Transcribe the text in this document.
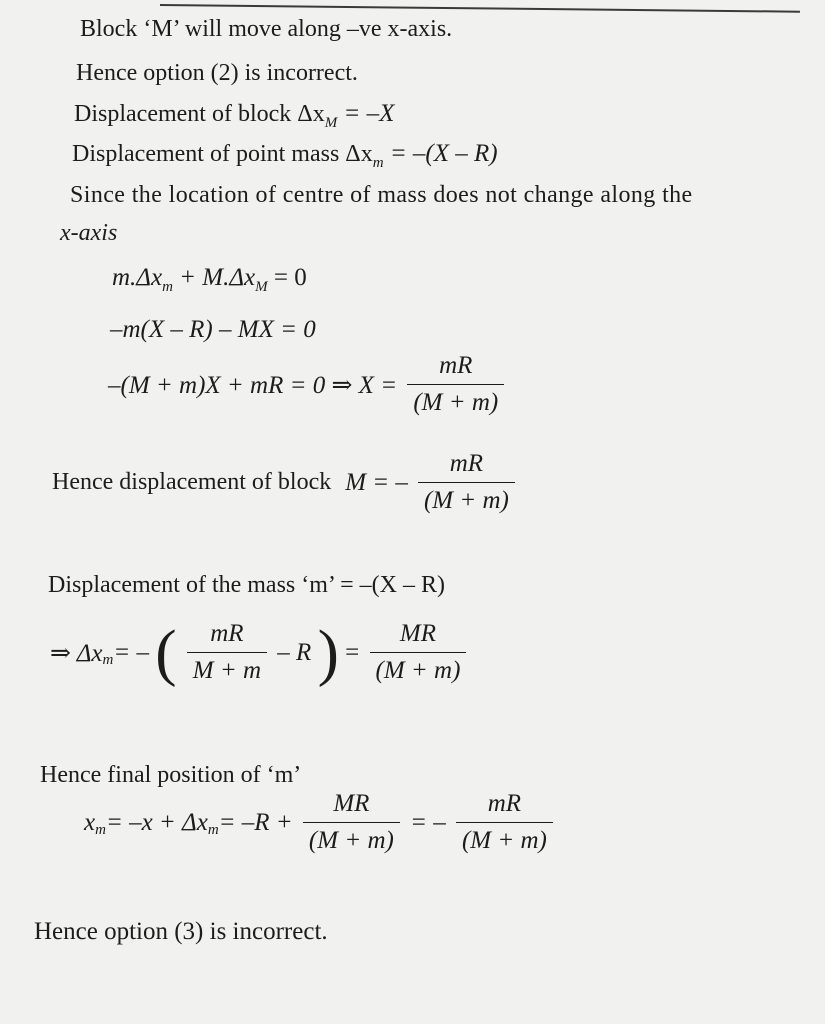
Block ‘M’ will move along –ve x-axis.
Hence option (2) is incorrect.
Displacement of block $\Delta x_M = -X$
Displacement of point mass $\Delta x_m = -(X - R)$
Since the location of centre of mass does not change along the
x-axis
$m.\Delta x_m + M.\Delta x_M = 0$
–m(X – R) – MX = 0
–(M + m)X + mR = 0 ⇒ $X = \frac{mR}{(M + m)}$
Hence displacement of block M = – $\frac{mR}{(M + m)}$
Displacement of the mass ‘m’ = –(X – R)
⇒ $\Delta x_m=$ – ( $\frac{mR}{M + m}$ – R ) = $\frac{MR}{(M + m)}$
Hence final position of ‘m’
$x_m= -x + \Delta x_m= -R + \frac{MR}{(M + m)}$ = – $\frac{mR}{(M + m)}$
Hence option (3) is incorrect.
